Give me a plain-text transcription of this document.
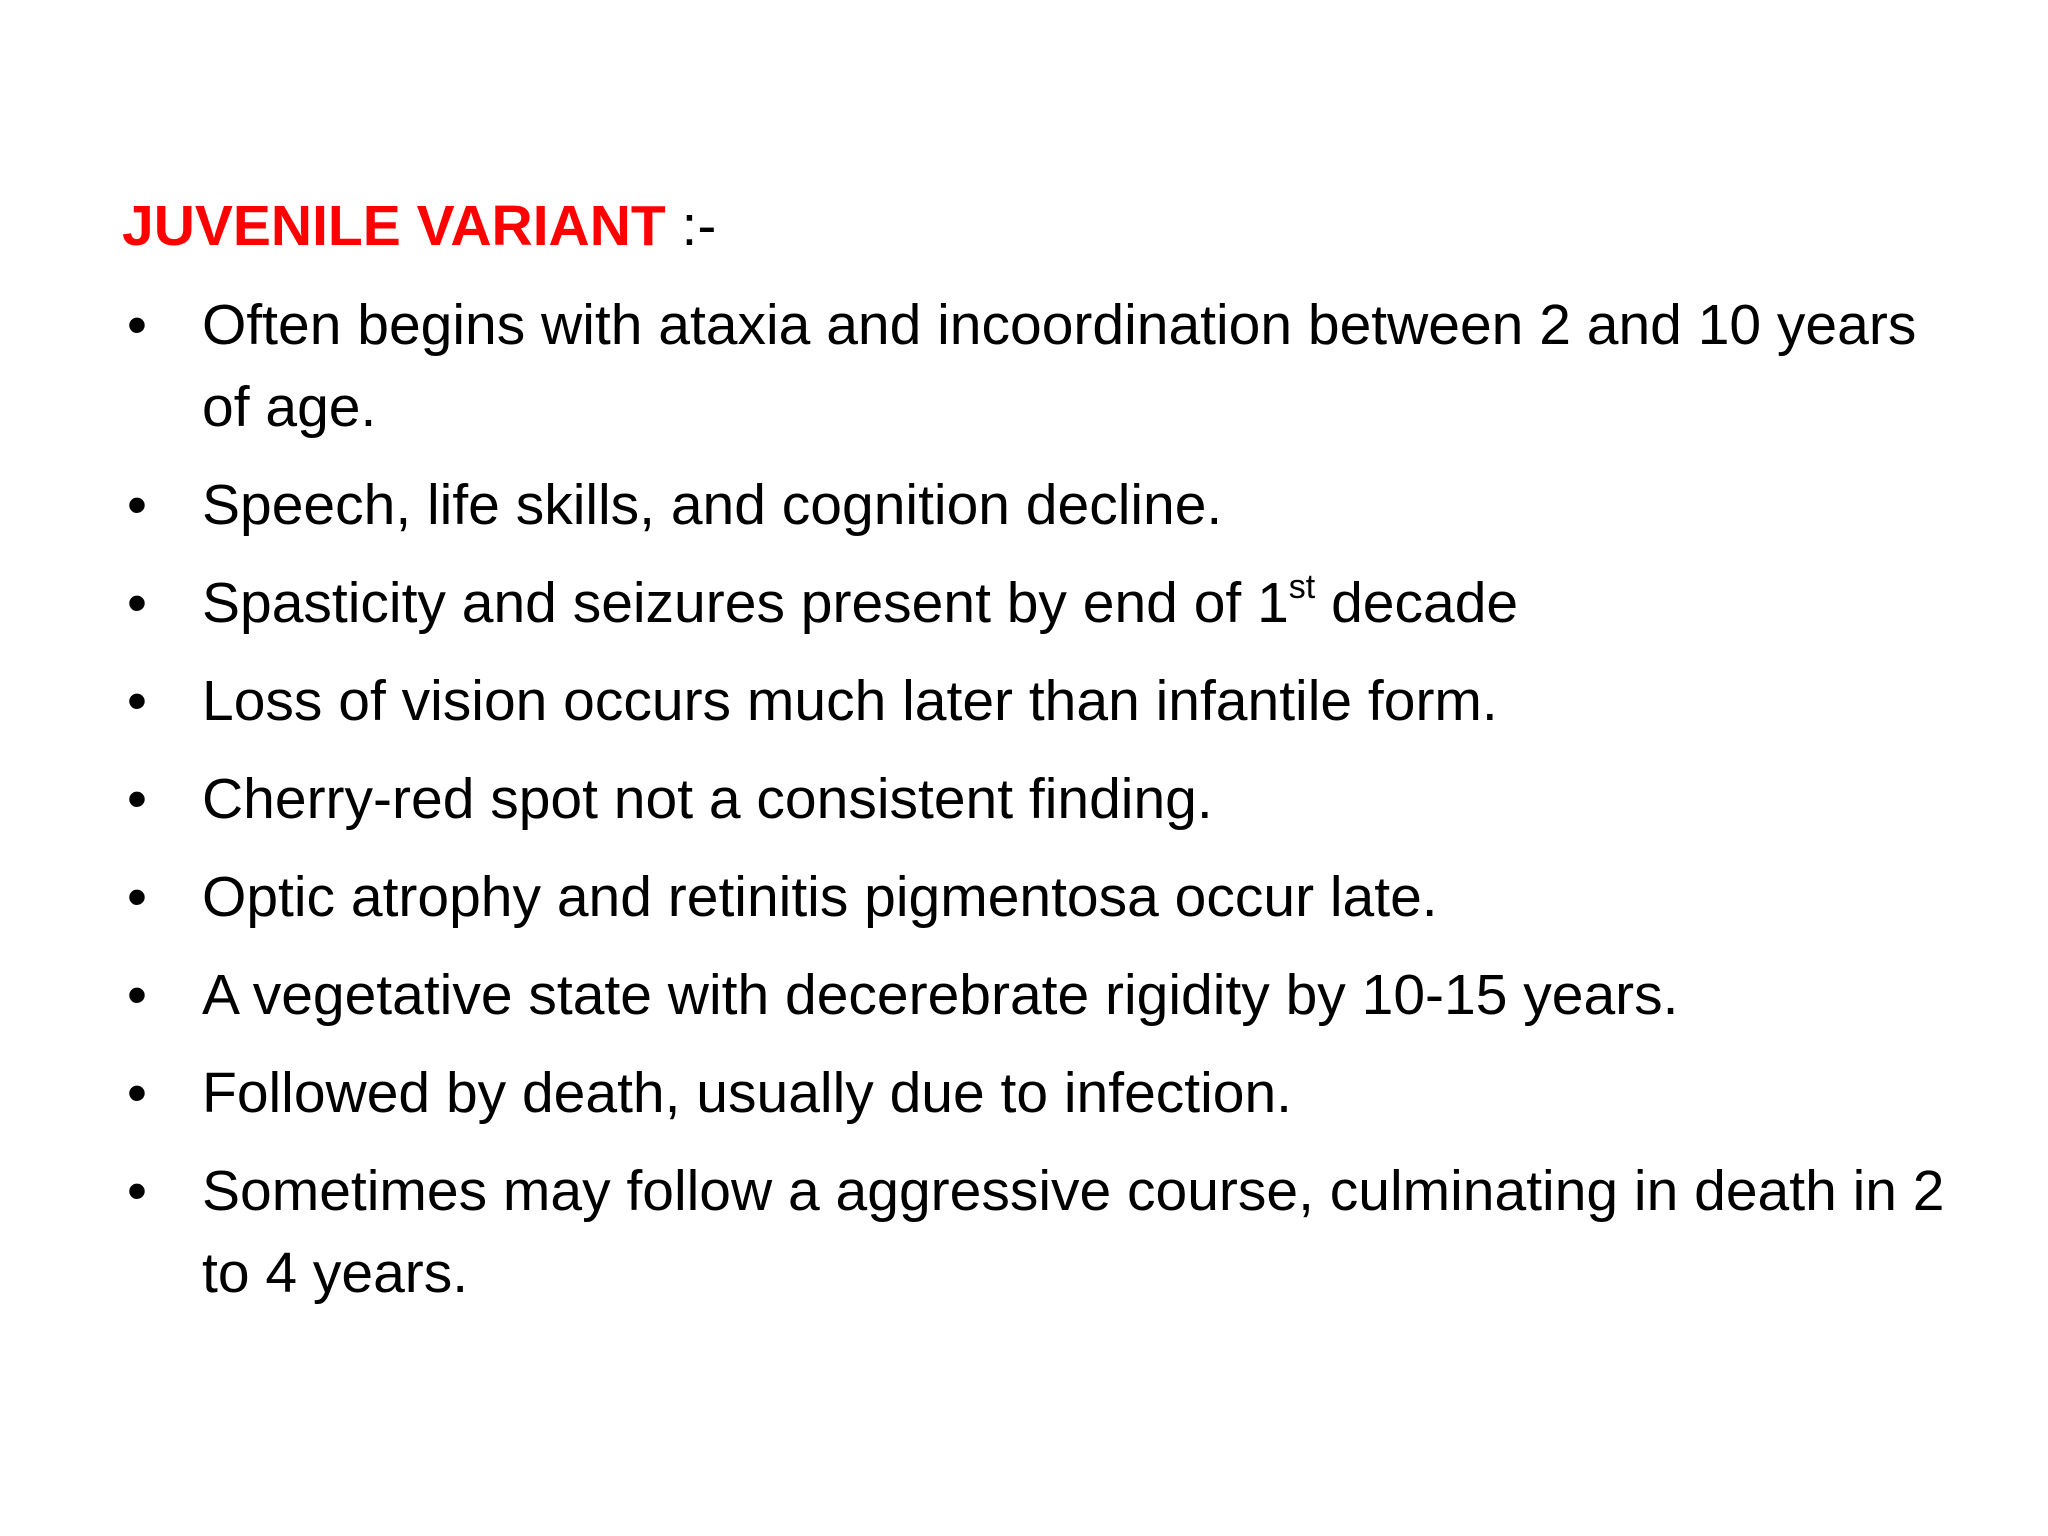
JUVENILE VARIANT :-
• Often begins with ataxia and incoordination between 2 and 10 years of age.
• Speech, life skills, and cognition decline.
• Spasticity and seizures present by end of 1st decade
• Loss of vision occurs much later than infantile form.
• Cherry-red spot not a consistent finding.
• Optic atrophy and retinitis pigmentosa occur late.
• A vegetative state with decerebrate rigidity by 10-15 years.
• Followed by death, usually due to infection.
• Sometimes may follow a aggressive course, culminating in death in 2 to 4 years.
